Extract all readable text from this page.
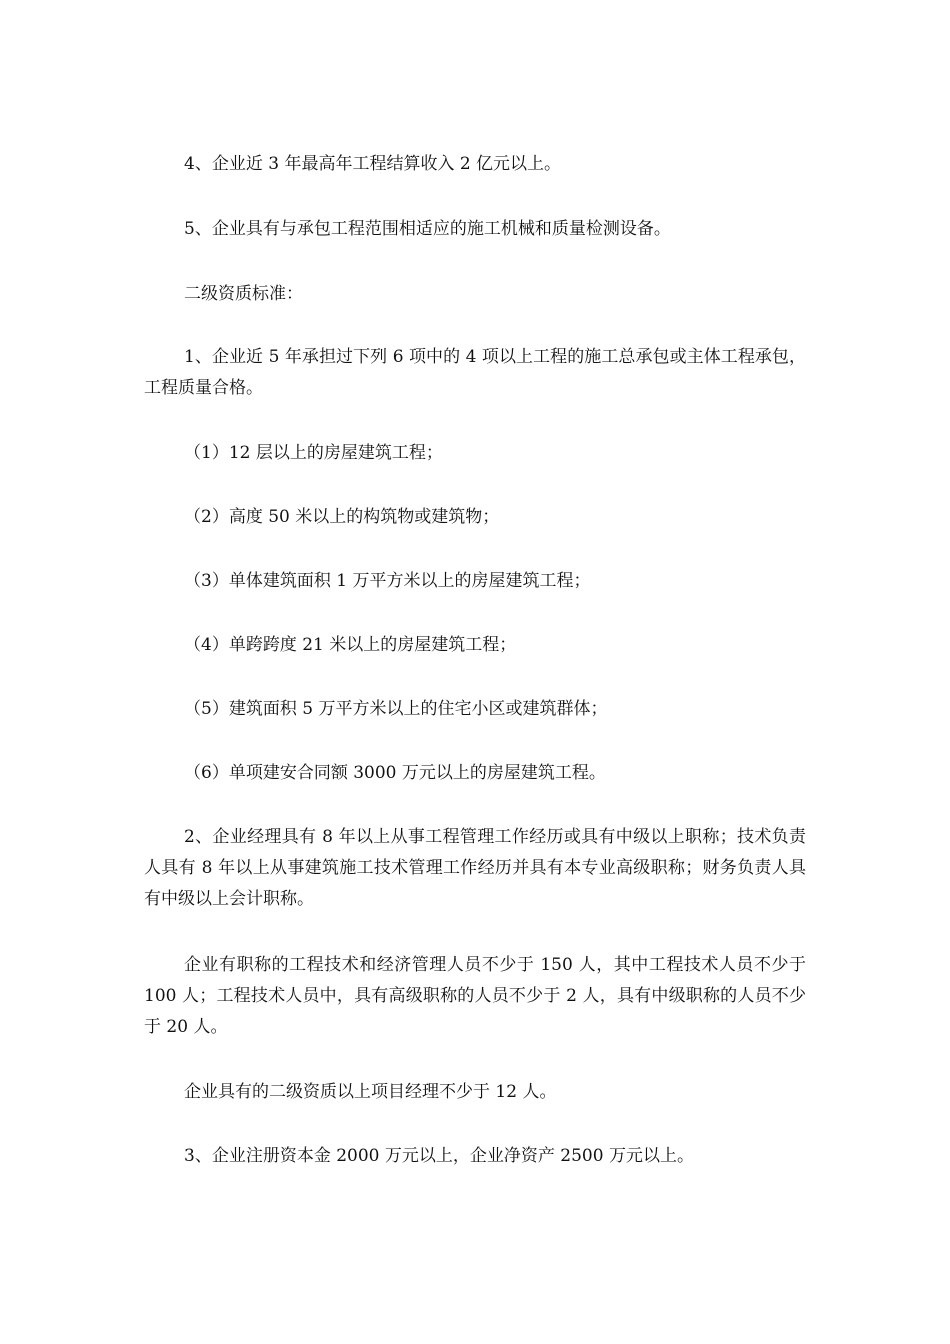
4、企业近 3 年最高年工程结算收入 2 亿元以上。

5、企业具有与承包工程范围相适应的施工机械和质量检测设备。

二级资质标准：

1、企业近 5 年承担过下列 6 项中的 4 项以上工程的施工总承包或主体工程承包，工程质量合格。

（1）12 层以上的房屋建筑工程；

（2）高度 50 米以上的构筑物或建筑物；

（3）单体建筑面积 1 万平方米以上的房屋建筑工程；

（4）单跨跨度 21 米以上的房屋建筑工程；

（5）建筑面积 5 万平方米以上的住宅小区或建筑群体；

（6）单项建安合同额 3000 万元以上的房屋建筑工程。

2、企业经理具有 8 年以上从事工程管理工作经历或具有中级以上职称；技术负责人具有 8 年以上从事建筑施工技术管理工作经历并具有本专业高级职称；财务负责人具有中级以上会计职称。

企业有职称的工程技术和经济管理人员不少于 150 人，其中工程技术人员不少于 100 人；工程技术人员中，具有高级职称的人员不少于 2 人，具有中级职称的人员不少于 20 人。

企业具有的二级资质以上项目经理不少于 12 人。

3、企业注册资本金 2000 万元以上，企业净资产 2500 万元以上。
